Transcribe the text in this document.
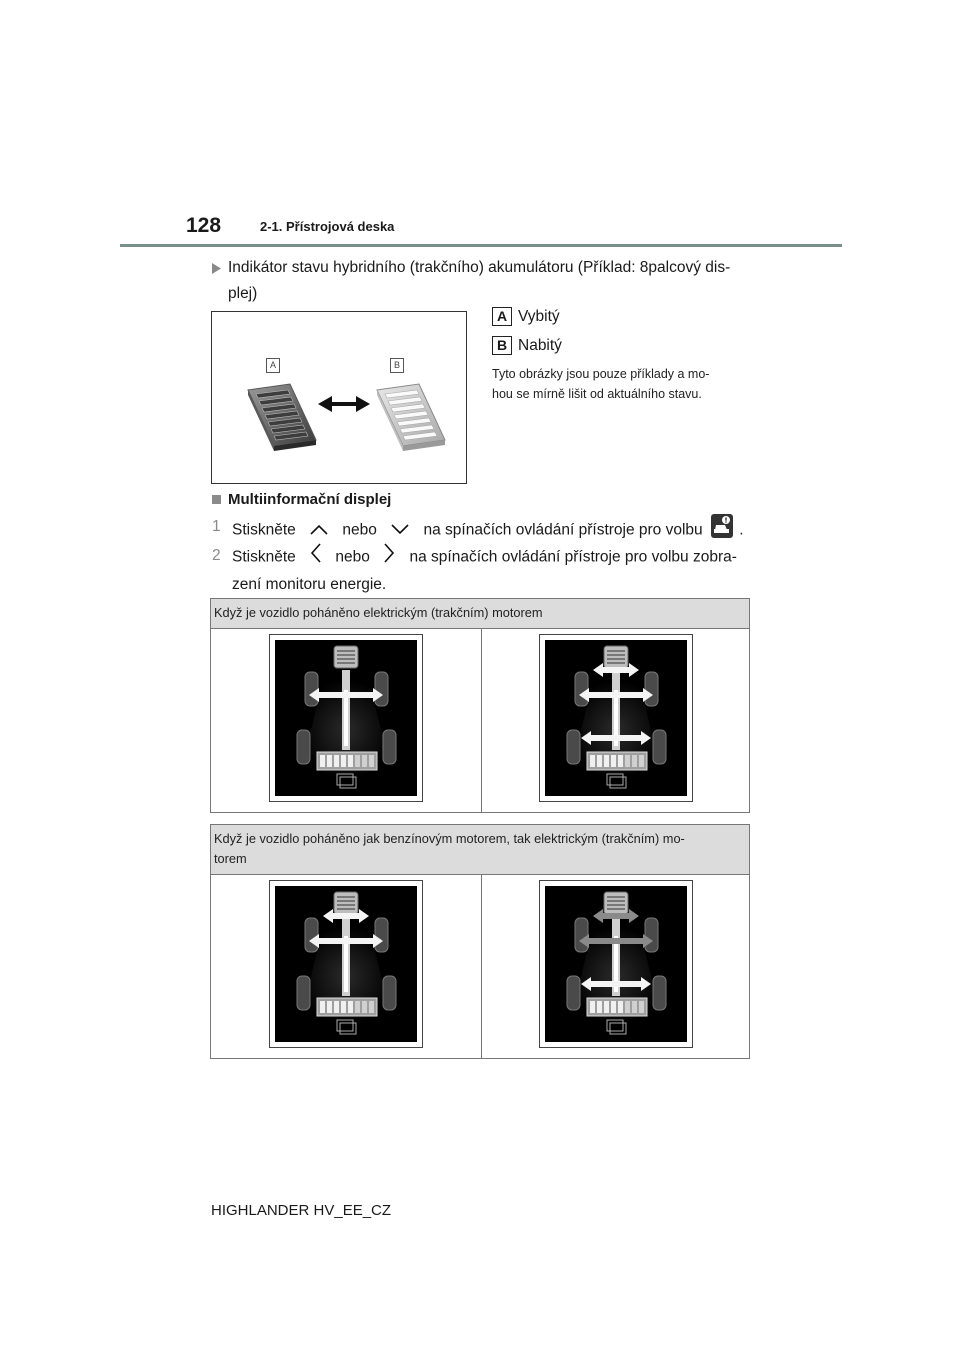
128	2-1. Přístrojová deska
Indikátor stavu hybridního (trakčního) akumulátoru (Příklad: 8palcový dis-
plej)
A	B
A Vybitý
B Nabitý
Tyto obrázky jsou pouze příklady a mo-
hou se mírně lišit od aktuálního stavu.
Multiinformační displej
1 Stiskněte	nebo	na spínačích ovládání přístroje pro volbu .
2 Stiskněte	nebo	na spínačích ovládání přístroje pro volbu zobra-
zení monitoru energie.
Když je vozidlo poháněno elektrickým (trakčním) motorem

Když je vozidlo poháněno jak benzínovým motorem, tak elektrickým (trakčním) mo-
torem

HIGHLANDER HV_EE_CZ
